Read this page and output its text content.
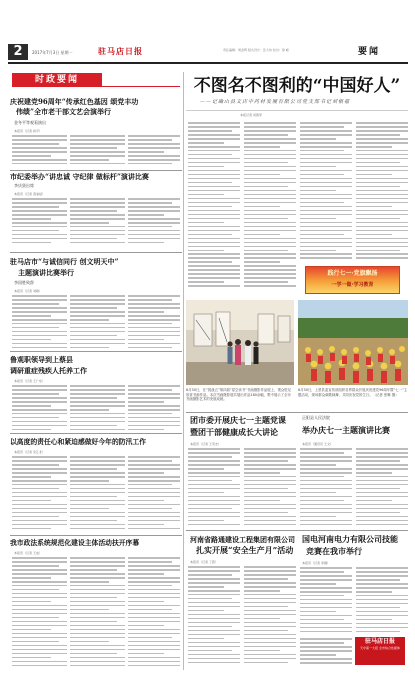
2	2017年7月3日 星期一	驻马店日报	责任编辑：周金辉 版式设计：张大伟 校对：徐 峰	要闻
时政要闻
庆祝建党96周年“传承红色基因 颂党丰功
伟绩”全市老干部文艺会演举行
金冬平等观看演出
本报讯（记者 杨平）
市纪委举办“讲忠诚 守纪律 做标杆”演讲比赛
李庆贤出席
本报讯（记者 荔旭斌）
驻马店市“与诚信同行 创文明天中”
主题演讲比赛举行
李国胜致辞
本报讯（记者 刘敏）
鲁观职领导到上蔡县
调研重症残疾人托养工作
本报讯（记者 王广东）
以高度的责任心和紧迫感做好今年的防汛工作
本报讯（记者 宋江北）
我市政法系统规范化建设主体活动扶开序幕
本报讯（记者 王成）
不图名不图利的“中国好人”
——记确山县文店中药材发展有限公司党支部书记刘根福
本报记者 何胜军
践行七一·党旗飘扬
一学一做·学习教育
6月30日，在“挑战五”第四届“星空读书”书画摄影作品展上，观众驻足欣赏书画作品。本次书画摄影展共展出作品180余幅，集中展示了全市书画摄影艺术的发展成就。
6月30日，上蔡县委宣传部组织各界群众开展庆祝建党96周年暨“七一”主题活动，现场群众载歌载舞，共同庆祝党的生日。（记者 张琳 摄）
团市委开展庆七一主题党课
暨团干部健康成长大讲论
本报讯（记者 王英杰）
正阳县人民法院
举办庆七一主题演讲比赛
本报讯（通讯员 王文）
河南省路通建设工程集团有限公司
扎实开展“安全生产月”活动
本报讯（记者 丁跃）
国电河南电力有限公司技能
竞赛在我市举行
本报讯（记者 李刚）
驻马店日报
天中第一大报 全市综合性媒体
